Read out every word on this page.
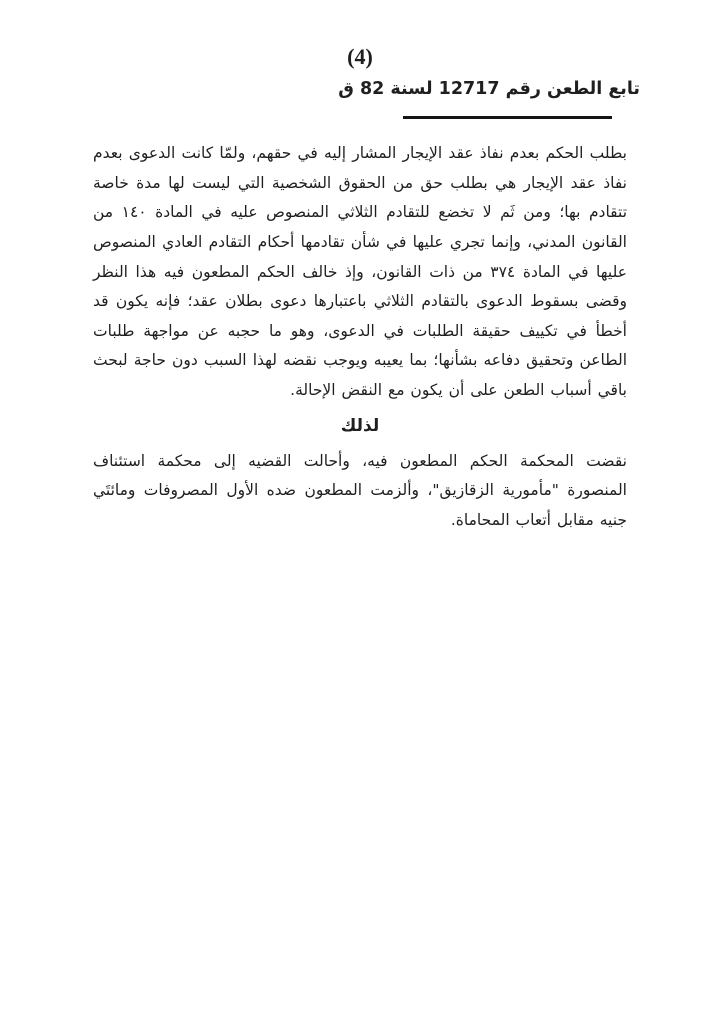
(4)
تابع الطعن رقم 12717 لسنة 82 ق

بطلب الحكم بعدم نفاذ عقد الإيجار المشار إليه في حقهم، ولمّا كانت الدعوى بعدم نفاذ عقد الإيجار هي بطلب حق من الحقوق الشخصية التي ليست لها مدة خاصة تتقادم بها؛ ومن ثَم لا تخضع للتقادم الثلاثي المنصوص عليه في المادة ١٤٠ من القانون المدني، وإنما تجري عليها في شأن تقادمها أحكام التقادم العادي المنصوص عليها في المادة ٣٧٤ من ذات القانون، وإذ خالف الحكم المطعون فيه هذا النظر وقضى بسقوط الدعوى بالتقادم الثلاثي باعتبارها دعوى بطلان عقد؛ فإنه يكون قد أخطأ في تكييف حقيقة الطلبات في الدعوى، وهو ما حجبه عن مواجهة طلبات الطاعن وتحقيق دفاعه بشأنها؛ بما يعيبه ويوجب نقضه لهذا السبب دون حاجة لبحث باقي أسباب الطعن على أن يكون مع النقض الإحالة.

لذلك

نقضت المحكمة الحكم المطعون فيه، وأحالت القضيه إلى محكمة استئناف المنصورة "مأمورية الزقازيق"، وألزمت المطعون ضده الأول المصروفات ومائتَي جنيه مقابل أتعاب المحاماة.
